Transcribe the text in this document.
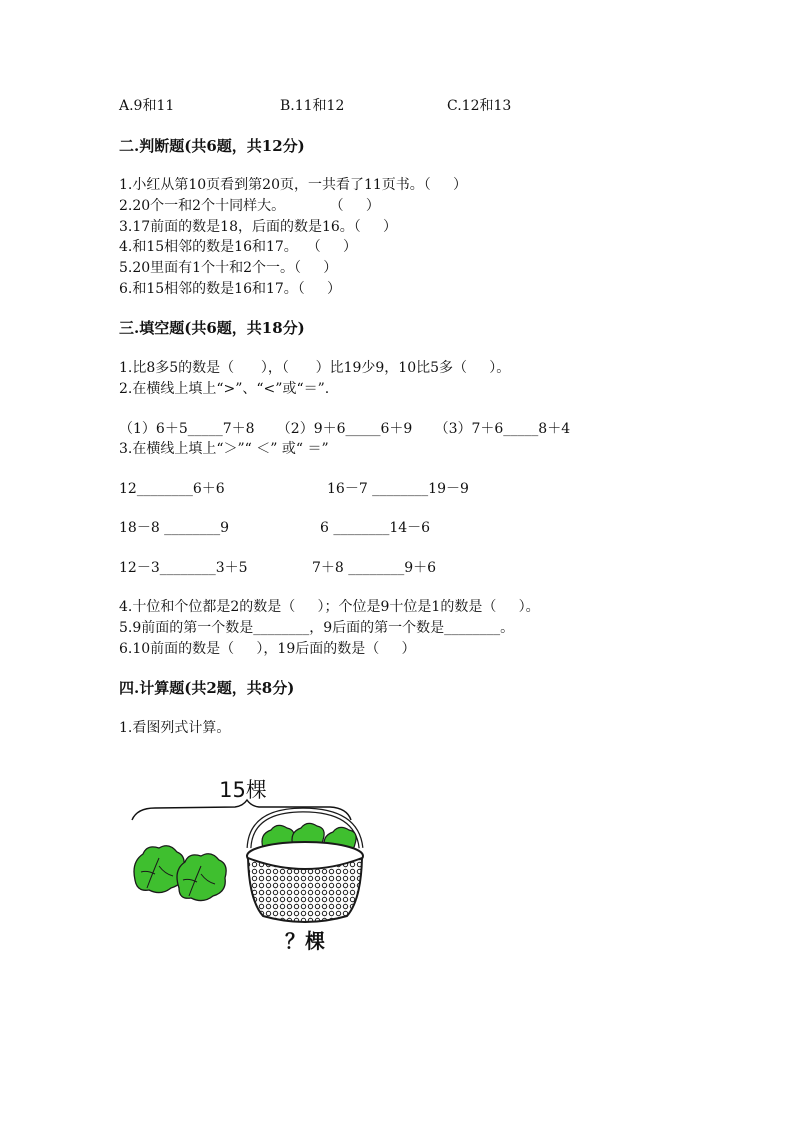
A.9和11	B.11和12	C.12和13
二.判断题(共6题，共12分)
1.小红从第10页看到第20页，一共看了11页书。（     ）
2.20个一和2个十同样大。          （     ）
3.17前面的数是18，后面的数是16。（     ）
4.和15相邻的数是16和17。  （     ）
5.20里面有1个十和2个一。（     ）
6.和15相邻的数是16和17。（     ）
三.填空题(共6题，共18分)
1.比8多5的数是（      ），（      ）比19少9，10比5多（     ）。
2.在横线上填上“>”、“<”或“＝”.
（1）6＋5_____7＋8     （2）9＋6_____6＋9     （3）7＋6_____8＋4
3.在横线上填上“＞”“ ＜” 或“ ＝”
12________6＋6	16－7 ________19－9
18－8 ________9	6 ________14－6
12－3________3＋5	7＋8 ________9＋6
4.十位和个位都是2的数是（     ）；个位是9十位是1的数是（     ）。
5.9前面的第一个数是________，9后面的第一个数是________。
6.10前面的数是（     ），19后面的数是（     ）
四.计算题(共2题，共8分)
1.看图列式计算。
15棵
？棵
